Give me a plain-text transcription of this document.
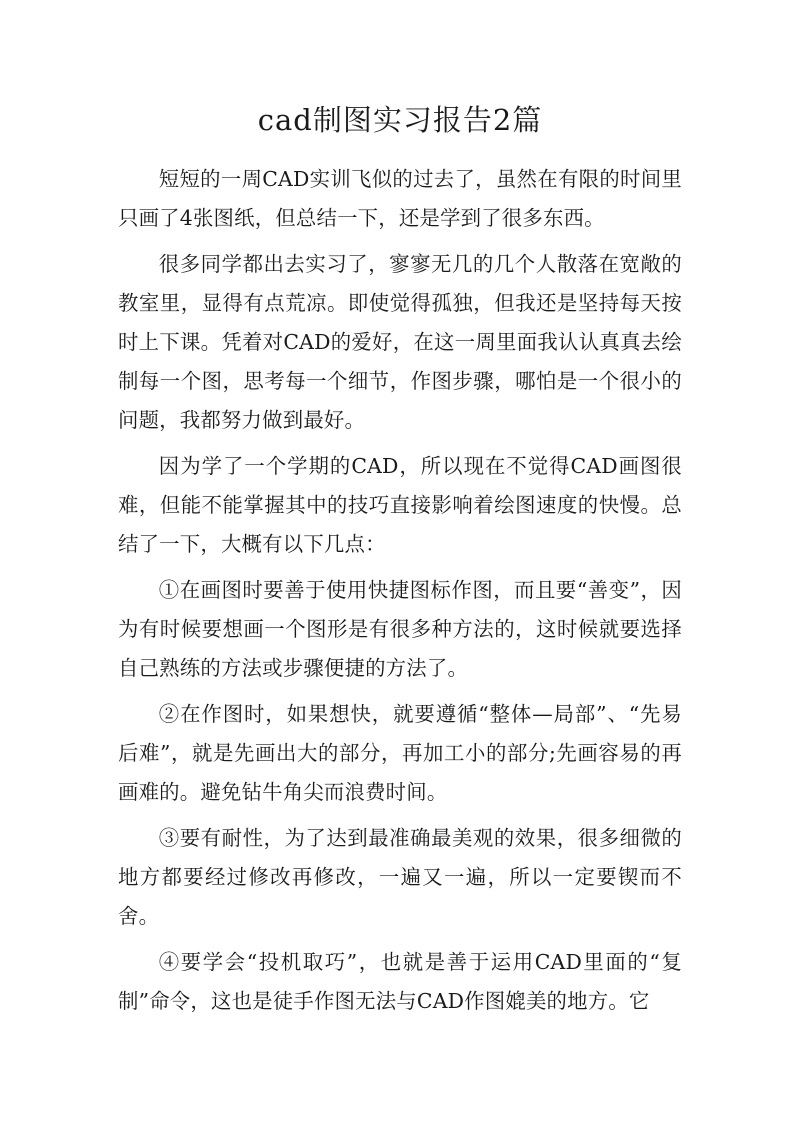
cad制图实习报告2篇

短短的一周CAD实训飞似的过去了，虽然在有限的时间里只画了4张图纸，但总结一下，还是学到了很多东西。

很多同学都出去实习了，寥寥无几的几个人散落在宽敞的教室里，显得有点荒凉。即使觉得孤独，但我还是坚持每天按时上下课。凭着对CAD的爱好，在这一周里面我认认真真去绘制每一个图，思考每一个细节，作图步骤，哪怕是一个很小的问题，我都努力做到最好。

因为学了一个学期的CAD，所以现在不觉得CAD画图很难，但能不能掌握其中的技巧直接影响着绘图速度的快慢。总结了一下，大概有以下几点：

①在画图时要善于使用快捷图标作图，而且要“善变”，因为有时候要想画一个图形是有很多种方法的，这时候就要选择自己熟练的方法或步骤便捷的方法了。

②在作图时，如果想快，就要遵循“整体—局部”、“先易后难”，就是先画出大的部分，再加工小的部分;先画容易的再画难的。避免钻牛角尖而浪费时间。

③要有耐性，为了达到最准确最美观的效果，很多细微的地方都要经过修改再修改，一遍又一遍，所以一定要锲而不舍。

④要学会“投机取巧”，也就是善于运用CAD里面的“复制”命令，这也是徒手作图无法与CAD作图媲美的地方。它
